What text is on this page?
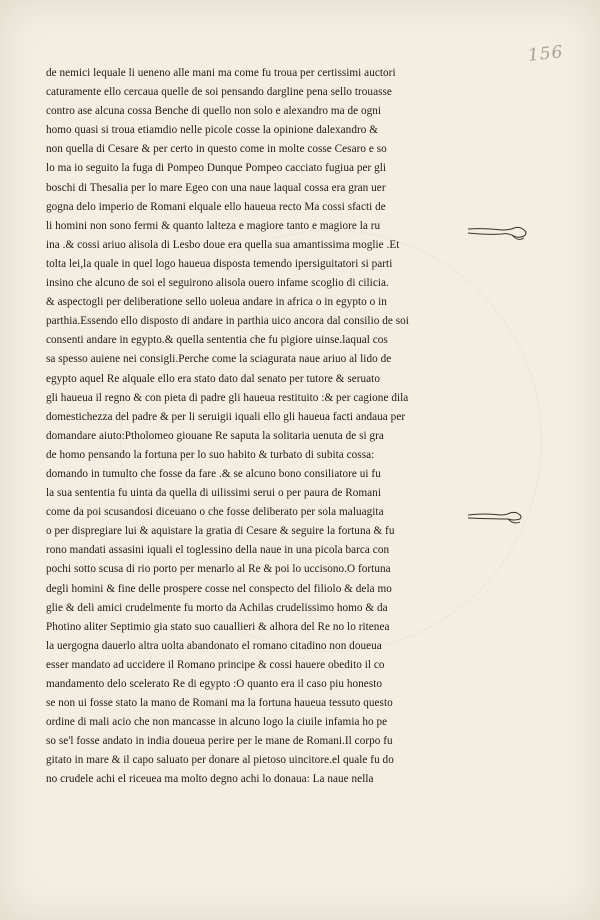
156
de nemici lequale li ueneno alle mani ma come fu troua per certissimi auctori
caturamente ello cercaua quelle de soi pensando dargline pena sello trouasse
contro ase alcuna cossa Benche di quello non solo e alexandro ma de ogni
homo quasi si troua etiamdio nelle picole cosse la opinione dalexandro &
non quella di Cesare & per certo in questo come in molte cosse Cesaro e so
lo ma io seguito la fuga di Pompeo Dunque Pompeo cacciato fugiua per gli
boschi di Thesalia per lo mare Egeo con una naue laqual cossa era gran uer
gogna delo imperio de Romani elquale ello haueua recto Ma cossi sfacti de
li homini non sono fermi & quanto lalteza e magiore tanto e magiore la ru
ina .& cossi ariuo alisola di Lesbo doue era quella sua amantissima moglie .Et
tolta lei,la quale in quel logo haueua disposta temendo ipersiguitatori si parti
insino che alcuno de soi el seguirono alisola ouero infame scoglio di cilicia.
& aspectogli per deliberatione sello uoleua andare in africa o in egypto o in
parthia.Essendo ello disposto di andare in parthia uico ancora dal consilio de soi
consenti andare in egypto.& quella sententia che fu pigiore uinse.laqual cos
sa spesso auiene nei consigli.Perche come la sciagurata naue ariuo al lido de
egypto aquel Re alquale ello era stato dato dal senato per tutore & seruato
gli haueua il regno & con pieta di padre gli haueua restituito :& per cagione dila
domestichezza del padre & per li seruigii iquali ello gli haueua facti andaua per
domandare aiuto:Ptholomeo giouane Re saputa la solitaria uenuta de si gra
de homo pensando la fortuna per lo suo habito & turbato di subita cossa:
domando in tumulto che fosse da fare .& se alcuno bono consiliatore ui fu
la sua sententia fu uinta da quella di uilissimi serui o per paura de Romani
come da poi scusandosi diceuano o che fosse deliberato per sola maluagita
o per dispregiare lui & aquistare la gratia di Cesare & seguire la fortuna & fu
rono mandati assasini iquali el toglessino della naue in una picola barca con
pochi sotto scusa di rio porto per menarlo al Re & poi lo uccisono.O fortuna
degli homini & fine delle prospere cosse nel conspecto del filiolo & dela mo
glie & deli amici crudelmente fu morto da Achilas crudelissimo homo & da
Photino aliter Septimio gia stato suo cauallieri & alhora del Re no lo ritenea
la uergogna dauerlo altra uolta abandonato el romano citadino non doueua
esser mandato ad uccidere il Romano principe & cossi hauere obedito il co
mandamento delo scelerato Re di egypto :O quanto era il caso piu honesto
se non ui fosse stato la mano de Romani ma la fortuna haueua tessuto questo
ordine di mali acio che non mancasse in alcuno logo la ciuile infamia ho pe
so se'l fosse andato in india doueua perire per le mane de Romani.Il corpo fu
gitato in mare & il capo saluato per donare al pietoso uincitore.el quale fu do
no crudele achi el riceuea ma molto degno achi lo donaua: La naue nella
